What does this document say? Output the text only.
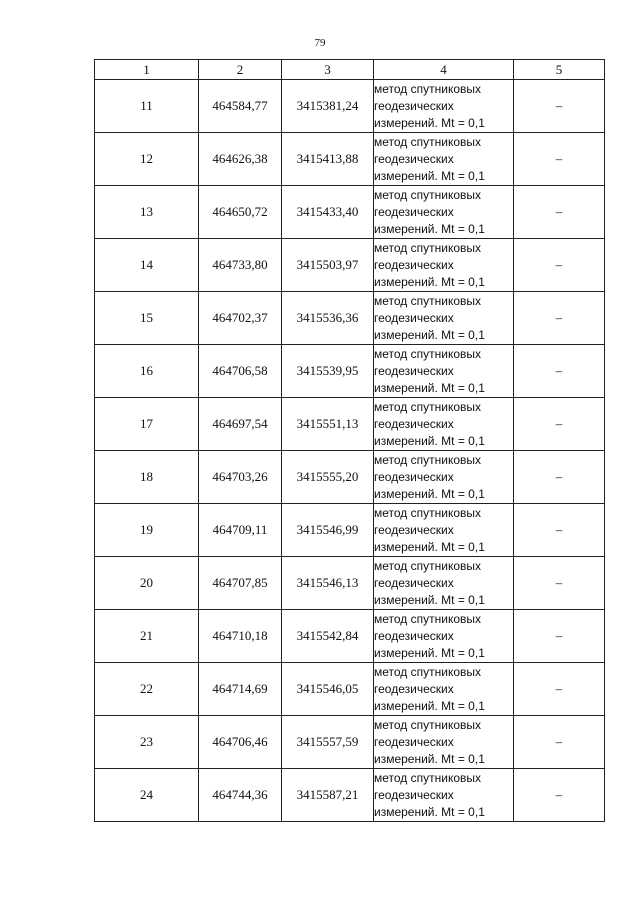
79
1	2	3	4	5
11	464584,77	3415381,24	метод спутниковых
геодезических
измерений. Mt = 0,1	–
12	464626,38	3415413,88	метод спутниковых
геодезических
измерений. Mt = 0,1	–
13	464650,72	3415433,40	метод спутниковых
геодезических
измерений. Mt = 0,1	–
14	464733,80	3415503,97	метод спутниковых
геодезических
измерений. Mt = 0,1	–
15	464702,37	3415536,36	метод спутниковых
геодезических
измерений. Mt = 0,1	–
16	464706,58	3415539,95	метод спутниковых
геодезических
измерений. Mt = 0,1	–
17	464697,54	3415551,13	метод спутниковых
геодезических
измерений. Mt = 0,1	–
18	464703,26	3415555,20	метод спутниковых
геодезических
измерений. Mt = 0,1	–
19	464709,11	3415546,99	метод спутниковых
геодезических
измерений. Mt = 0,1	–
20	464707,85	3415546,13	метод спутниковых
геодезических
измерений. Mt = 0,1	–
21	464710,18	3415542,84	метод спутниковых
геодезических
измерений. Mt = 0,1	–
22	464714,69	3415546,05	метод спутниковых
геодезических
измерений. Mt = 0,1	–
23	464706,46	3415557,59	метод спутниковых
геодезических
измерений. Mt = 0,1	–
24	464744,36	3415587,21	метод спутниковых
геодезических
измерений. Mt = 0,1	–
